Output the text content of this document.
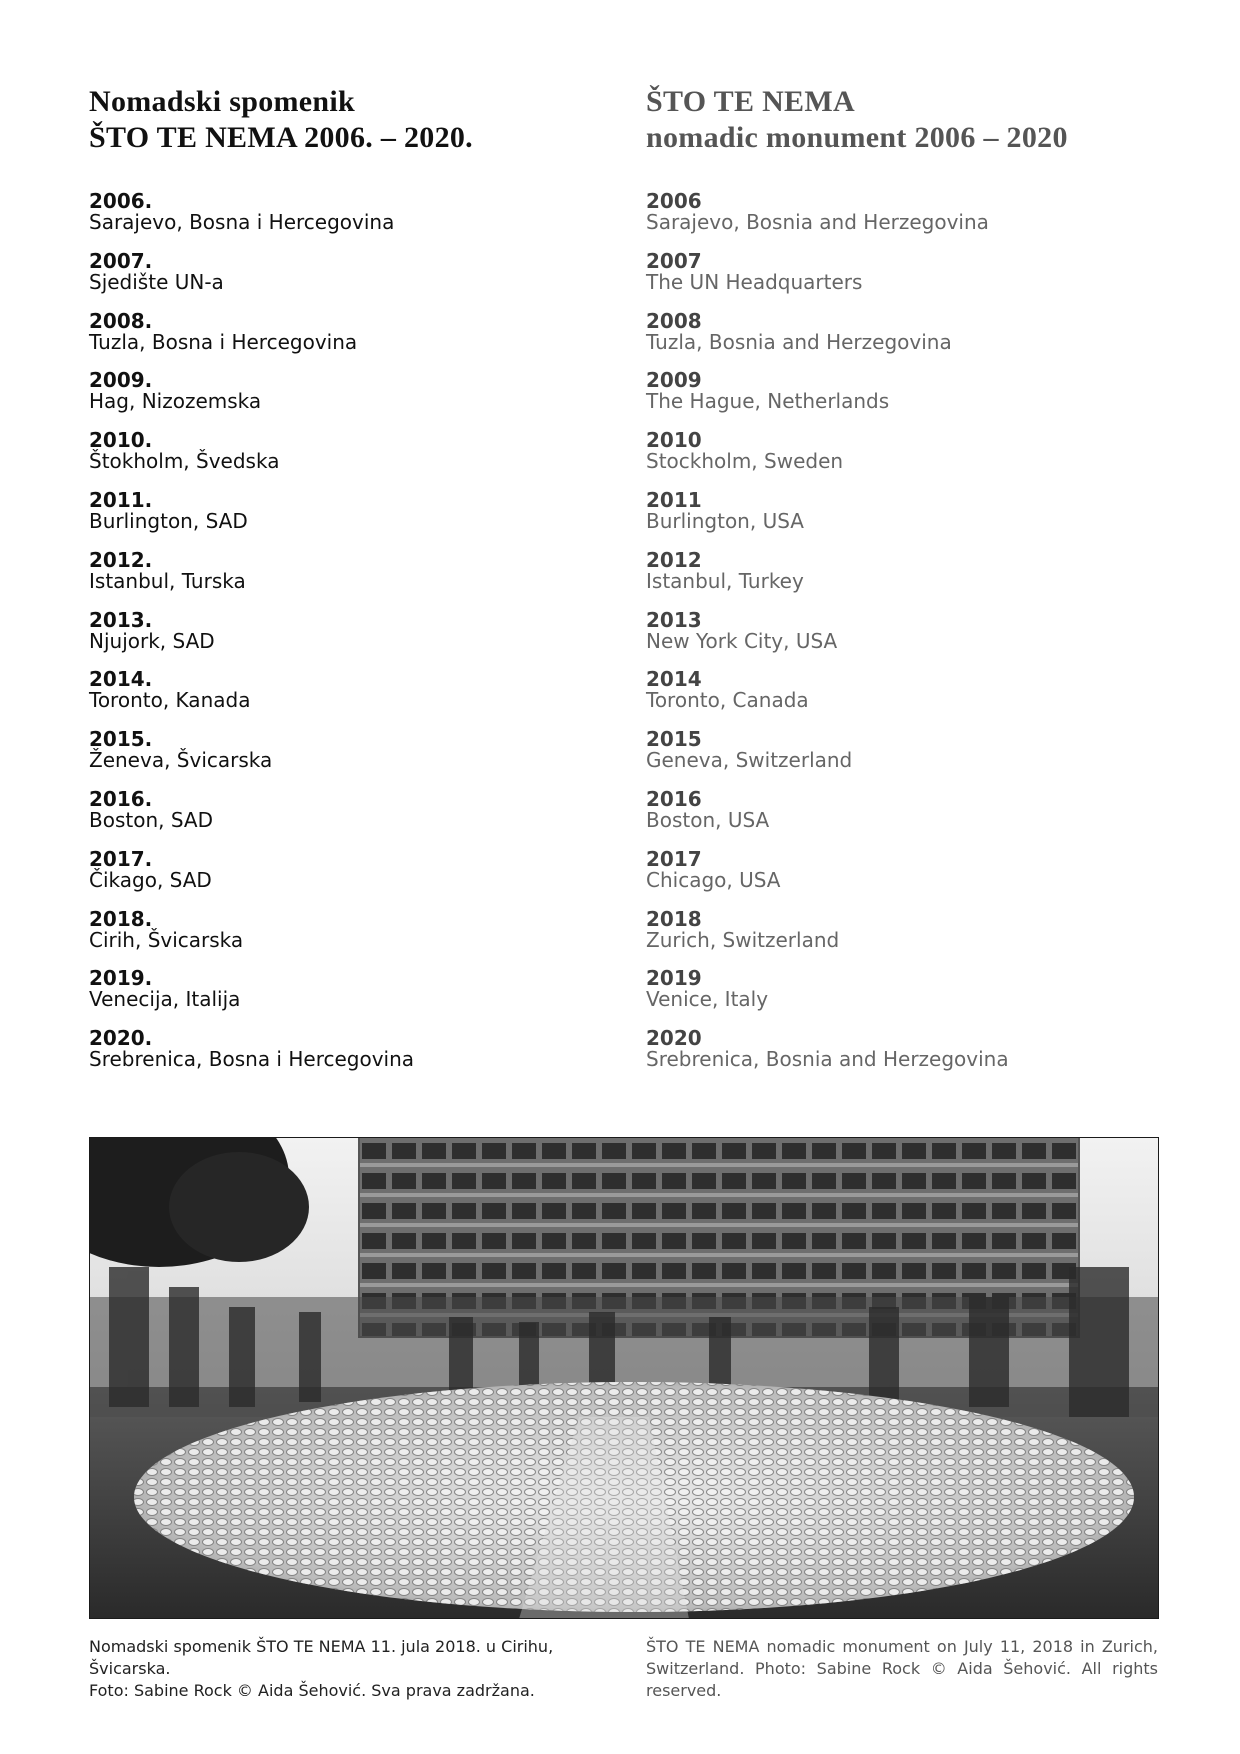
Nomadski spomenik
ŠTO TE NEMA 2006. – 2020.
2006.
Sarajevo, Bosna i Hercegovina
2007.
Sjedište UN-a
2008.
Tuzla, Bosna i Hercegovina
2009.
Hag, Nizozemska
2010.
Štokholm, Švedska
2011.
Burlington, SAD
2012.
Istanbul, Turska
2013.
Njujork, SAD
2014.
Toronto, Kanada
2015.
Ženeva, Švicarska
2016.
Boston, SAD
2017.
Čikago, SAD
2018.
Cirih, Švicarska
2019.
Venecija, Italija
2020.
Srebrenica, Bosna i Hercegovina
ŠTO TE NEMA
nomadic monument 2006 – 2020
2006
Sarajevo, Bosnia and Herzegovina
2007
The UN Headquarters
2008
Tuzla, Bosnia and Herzegovina
2009
The Hague, Netherlands
2010
Stockholm, Sweden
2011
Burlington, USA
2012
Istanbul, Turkey
2013
New York City, USA
2014
Toronto, Canada
2015
Geneva, Switzerland
2016
Boston, USA
2017
Chicago, USA
2018
Zurich, Switzerland
2019
Venice, Italy
2020
Srebrenica, Bosnia and Herzegovina
Nomadski spomenik ŠTO TE NEMA 11. jula 2018. u Cirihu, Švicarska.
Foto: Sabine Rock © Aida Šehović. Sva prava zadržana.
ŠTO TE NEMA nomadic monument on July 11, 2018 in Zurich, Switzerland. Photo: Sabine Rock © Aida Šehović. All rights reserved.
